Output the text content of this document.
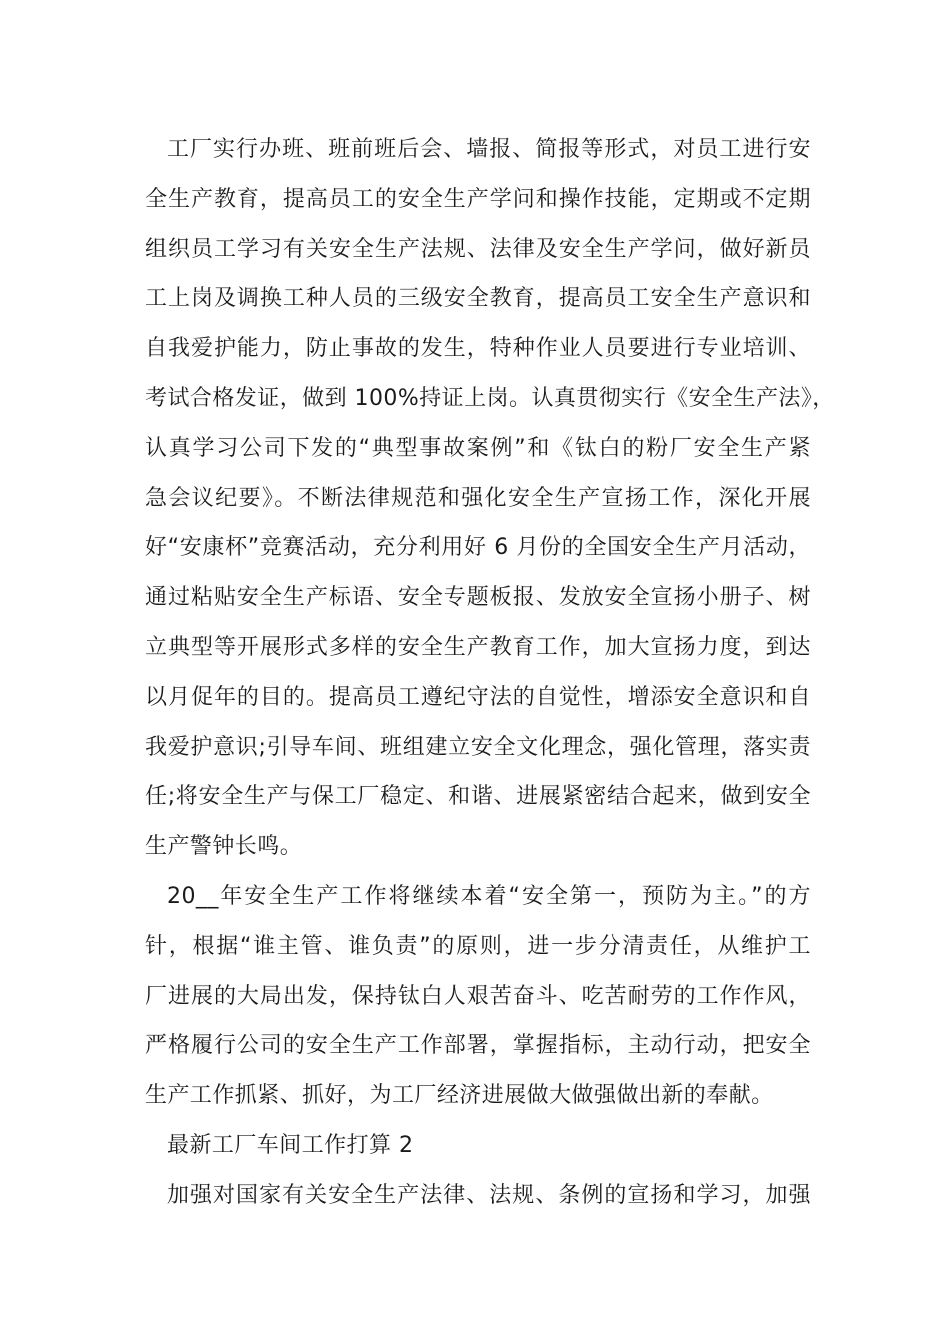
工厂实行办班、班前班后会、墙报、简报等形式，对员工进行安
全生产教育，提高员工的安全生产学问和操作技能，定期或不定期
组织员工学习有关安全生产法规、法律及安全生产学问，做好新员
工上岗及调换工种人员的三级安全教育，提高员工安全生产意识和
自我爱护能力，防止事故的发生，特种作业人员要进行专业培训、
考试合格发证，做到 100%持证上岗。认真贯彻实行《安全生产法》，
认真学习公司下发的“典型事故案例”和《钛白的粉厂安全生产紧
急会议纪要》。不断法律规范和强化安全生产宣扬工作，深化开展
好“安康杯”竞赛活动，充分利用好 6 月份的全国安全生产月活动，
通过粘贴安全生产标语、安全专题板报、发放安全宣扬小册子、树
立典型等开展形式多样的安全生产教育工作，加大宣扬力度，到达
以月促年的目的。提高员工遵纪守法的自觉性，增添安全意识和自
我爱护意识;引导车间、班组建立安全文化理念，强化管理，落实责
任;将安全生产与保工厂稳定、和谐、进展紧密结合起来，做到安全
生产警钟长鸣。
20__年安全生产工作将继续本着“安全第一，预防为主。”的方
针，根据“谁主管、谁负责”的原则，进一步分清责任，从维护工
厂进展的大局出发，保持钛白人艰苦奋斗、吃苦耐劳的工作作风，
严格履行公司的安全生产工作部署，掌握指标，主动行动，把安全
生产工作抓紧、抓好，为工厂经济进展做大做强做出新的奉献。
最新工厂车间工作打算 2
加强对国家有关安全生产法律、法规、条例的宣扬和学习，加强
